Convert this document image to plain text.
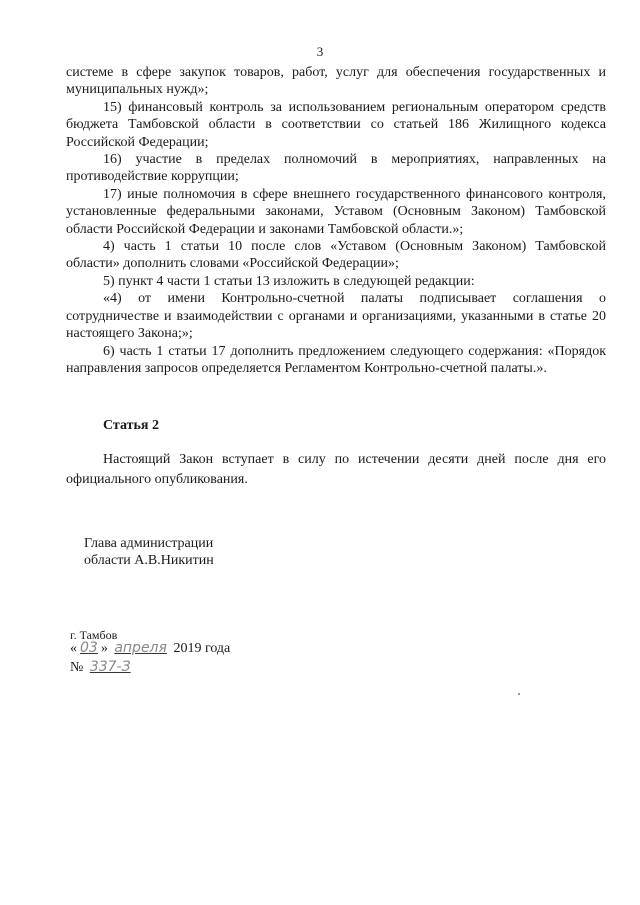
3

системе в сфере закупок товаров, работ, услуг для обеспечения государственных и муниципальных нужд»;

15) финансовый контроль за использованием региональным оператором средств бюджета Тамбовской области в соответствии со статьей 186 Жилищного кодекса Российской Федерации;

16) участие в пределах полномочий в мероприятиях, направленных на противодействие коррупции;

17) иные полномочия в сфере внешнего государственного финансового контроля, установленные федеральными законами, Уставом (Основным Законом) Тамбовской области Российской Федерации и законами Тамбовской области.»;

4) часть 1 статьи 10 после слов «Уставом (Основным Законом) Тамбовской области» дополнить словами «Российской Федерации»;

5) пункт 4 части 1 статьи 13 изложить в следующей редакции:

«4) от имени Контрольно-счетной палаты подписывает соглашения о сотрудничестве и взаимодействии с органами и организациями, указанными в статье 20 настоящего Закона;»;

6) часть 1 статьи 17 дополнить предложением следующего содержания: «Порядок направления запросов определяется Регламентом Контрольно-счетной палаты.».

Статья 2
Настоящий Закон вступает в силу по истечении десяти дней после дня его официального опубликования.
Глава администрации
области А.В.Никитин
г. Тамбов
« 03 » апреля 2019 года
№ 337-З
